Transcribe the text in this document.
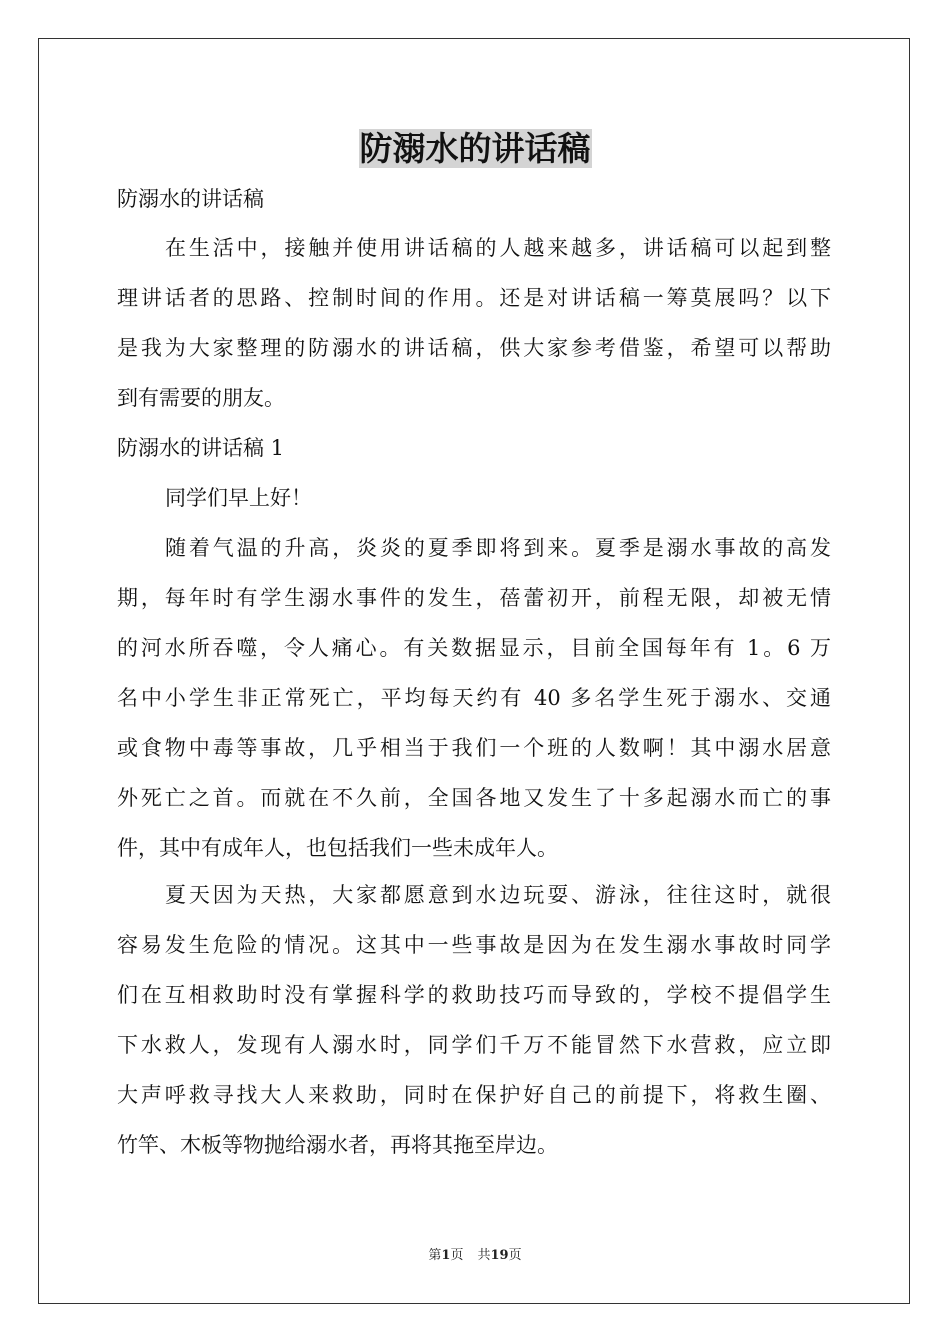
防溺水的讲话稿
防溺水的讲话稿
在生活中，接触并使用讲话稿的人越来越多，讲话稿可以起到整
理讲话者的思路、控制时间的作用。还是对讲话稿一筹莫展吗？以下
是我为大家整理的防溺水的讲话稿，供大家参考借鉴，希望可以帮助
到有需要的朋友。
防溺水的讲话稿 1
同学们早上好！
随着气温的升高，炎炎的夏季即将到来。夏季是溺水事故的高发
期，每年时有学生溺水事件的发生，蓓蕾初开，前程无限，却被无情
的河水所吞噬，令人痛心。有关数据显示，目前全国每年有 1。6 万
名中小学生非正常死亡，平均每天约有 40 多名学生死于溺水、交通
或食物中毒等事故，几乎相当于我们一个班的人数啊！其中溺水居意
外死亡之首。而就在不久前，全国各地又发生了十多起溺水而亡的事
件，其中有成年人，也包括我们一些未成年人。
夏天因为天热，大家都愿意到水边玩耍、游泳，往往这时，就很
容易发生危险的情况。这其中一些事故是因为在发生溺水事故时同学
们在互相救助时没有掌握科学的救助技巧而导致的，学校不提倡学生
下水救人，发现有人溺水时，同学们千万不能冒然下水营救，应立即
大声呼救寻找大人来救助，同时在保护好自己的前提下，将救生圈、
竹竿、木板等物抛给溺水者，再将其拖至岸边。
第1页 共19页
